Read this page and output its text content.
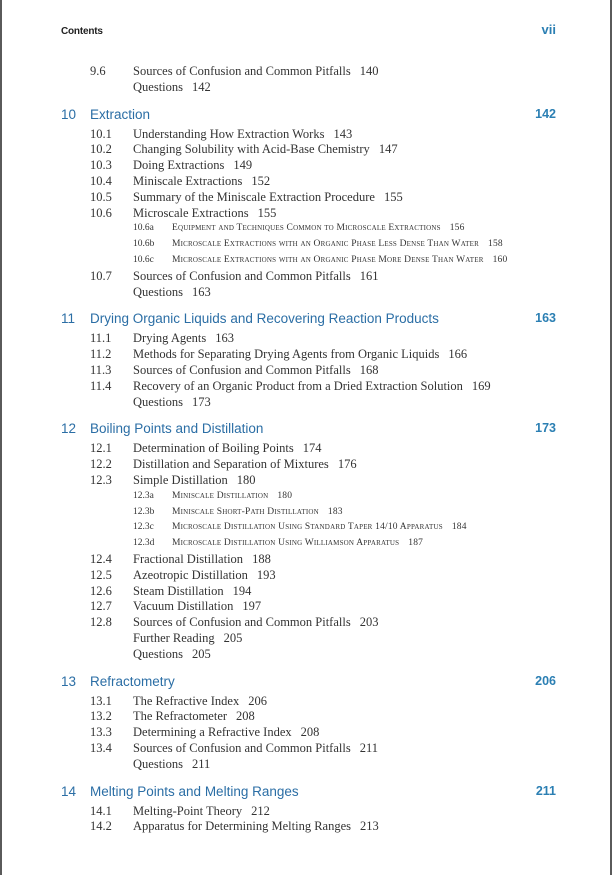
Contents	vii
9.6 Sources of Confusion and Common Pitfalls 140
Questions 142
10 Extraction	142
10.1 Understanding How Extraction Works 143
10.2 Changing Solubility with Acid-Base Chemistry 147
10.3 Doing Extractions 149
10.4 Miniscale Extractions 152
10.5 Summary of the Miniscale Extraction Procedure 155
10.6 Microscale Extractions 155
10.6a Equipment and Techniques Common to Microscale Extractions 156
10.6b Microscale Extractions with an Organic Phase Less Dense Than Water 158
10.6c Microscale Extractions with an Organic Phase More Dense Than Water 160
10.7 Sources of Confusion and Common Pitfalls 161
Questions 163
11 Drying Organic Liquids and Recovering Reaction Products	163
11.1 Drying Agents 163
11.2 Methods for Separating Drying Agents from Organic Liquids 166
11.3 Sources of Confusion and Common Pitfalls 168
11.4 Recovery of an Organic Product from a Dried Extraction Solution 169
Questions 173
12 Boiling Points and Distillation	173
12.1 Determination of Boiling Points 174
12.2 Distillation and Separation of Mixtures 176
12.3 Simple Distillation 180
12.3a Miniscale Distillation 180
12.3b Miniscale Short-Path Distillation 183
12.3c Microscale Distillation Using Standard Taper 14/10 Apparatus 184
12.3d Microscale Distillation Using Williamson Apparatus 187
12.4 Fractional Distillation 188
12.5 Azeotropic Distillation 193
12.6 Steam Distillation 194
12.7 Vacuum Distillation 197
12.8 Sources of Confusion and Common Pitfalls 203
Further Reading 205
Questions 205
13 Refractometry	206
13.1 The Refractive Index 206
13.2 The Refractometer 208
13.3 Determining a Refractive Index 208
13.4 Sources of Confusion and Common Pitfalls 211
Questions 211
14 Melting Points and Melting Ranges	211
14.1 Melting-Point Theory 212
14.2 Apparatus for Determining Melting Ranges 213
